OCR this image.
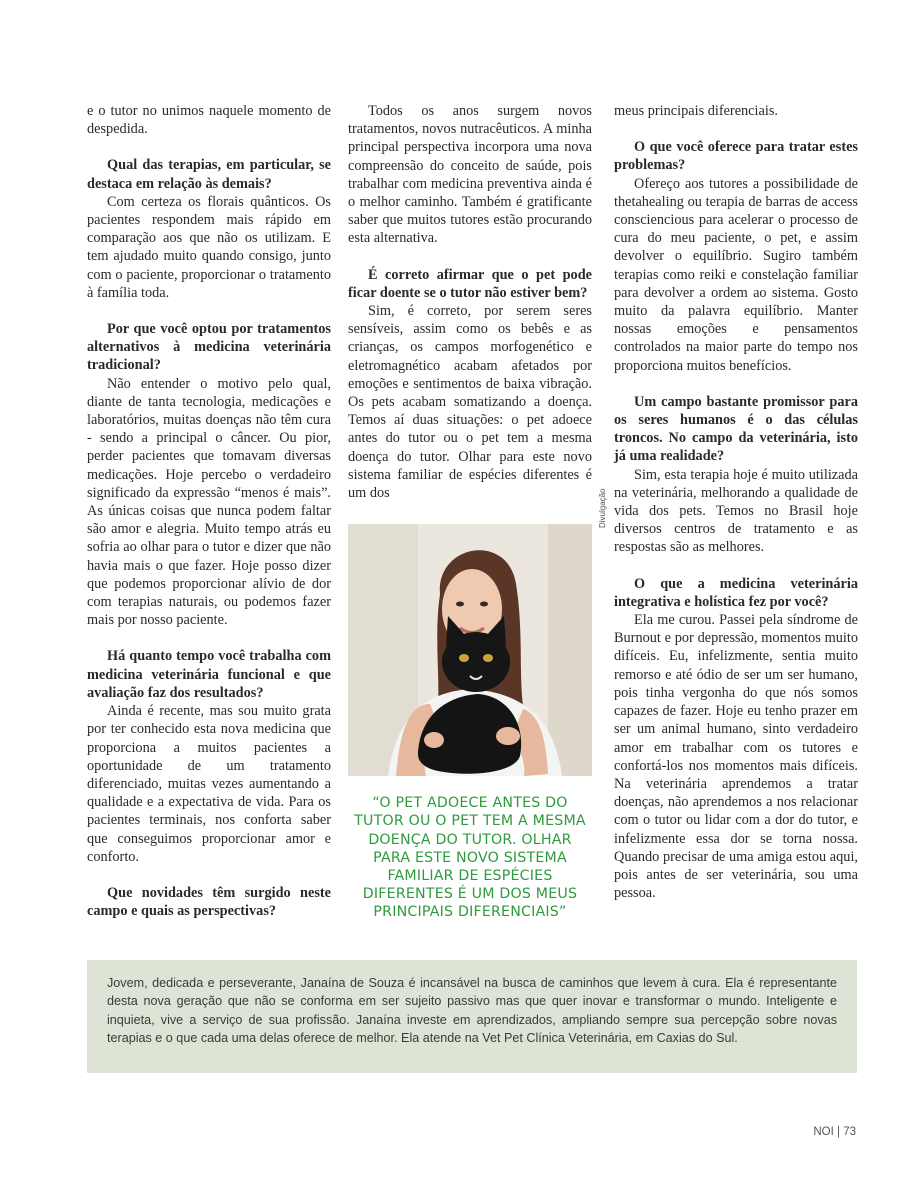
e o tutor no unimos naquele momento de despedida.

Qual das terapias, em particular, se destaca em relação às demais?

Com certeza os florais quânticos. Os pacientes respondem mais rápido em comparação aos que não os utilizam. E tem ajudado muito quando consigo, junto com o paciente, proporcionar o tratamento à família toda.

Por que você optou por tratamentos alternativos à medicina veterinária tradicional?

Não entender o motivo pelo qual, diante de tanta tecnologia, medicações e laboratórios, muitas doenças não têm cura - sendo a principal o câncer. Ou pior, perder pacientes que tomavam diversas medicações. Hoje percebo o verdadeiro significado da expressão “menos é mais”. As únicas coisas que nunca podem faltar são amor e alegria. Muito tempo atrás eu sofria ao olhar para o tutor e dizer que não havia mais o que fazer. Hoje posso dizer que podemos proporcionar alívio de dor com terapias naturais, ou podemos fazer mais por nosso paciente.

Há quanto tempo você trabalha com medicina veterinária funcional e que avaliação faz dos resultados?

Ainda é recente, mas sou muito grata por ter conhecido esta nova medicina que proporciona a muitos pacientes a oportunidade de um tratamento diferenciado, muitas vezes aumentando a qualidade e a expectativa de vida. Para os pacientes terminais, nos conforta saber que conseguimos proporcionar amor e conforto.

Que novidades têm surgido neste campo e quais as perspectivas?

Todos os anos surgem novos tratamentos, novos nutracêuticos. A minha principal perspectiva incorpora uma nova compreensão do conceito de saúde, pois trabalhar com medicina preventiva ainda é o melhor caminho. Também é gratificante saber que muitos tutores estão procurando esta alternativa.

É correto afirmar que o pet pode ficar doente se o tutor não estiver bem?

Sim, é correto, por serem seres sensíveis, assim como os bebês e as crianças, os campos morfogenético e eletromagnético acabam afetados por emoções e sentimentos de baixa vibração. Os pets acabam somatizando a doença. Temos aí duas situações: o pet adoece antes do tutor ou o pet tem a mesma doença do tutor. Olhar para este novo sistema familiar de espécies diferentes é um dos	Divulgação
“O PET ADOECE ANTES DO TUTOR OU O PET TEM A MESMA DOENÇA DO TUTOR. OLHAR PARA ESTE NOVO SISTEMA FAMILIAR DE ESPÉCIES DIFERENTES É UM DOS MEUS PRINCIPAIS DIFERENCIAIS”

meus principais diferenciais.

O que você oferece para tratar estes problemas?

Ofereço aos tutores a possibilidade de thetahealing ou terapia de barras de access consciencious para acelerar o processo de cura do meu paciente, o pet, e assim devolver o equilíbrio. Sugiro também terapias como reiki e constelação familiar para devolver a ordem ao sistema. Gosto muito da palavra equilíbrio. Manter nossas emoções e pensamentos controlados na maior parte do tempo nos proporciona muitos benefícios.

Um campo bastante promissor para os seres humanos é o das células troncos. No campo da veterinária, isto já uma realidade?

Sim, esta terapia hoje é muito utilizada na veterinária, melhorando a qualidade de vida dos pets. Temos no Brasil hoje diversos centros de tratamento e as respostas são as melhores.

O que a medicina veterinária integrativa e holística fez por você?

Ela me curou. Passei pela síndrome de Burnout e por depressão, momentos muito difíceis. Eu, infelizmente, sentia muito remorso e até ódio de ser um ser humano, pois tinha vergonha do que nós somos capazes de fazer. Hoje eu tenho prazer em ser um animal humano, sinto verdadeiro amor em trabalhar com os tutores e confortá-los nos momentos mais difíceis. Na veterinária aprendemos a tratar doenças, não aprendemos a nos relacionar com o tutor ou lidar com a dor do tutor, e infelizmente essa dor se torna nossa. Quando precisar de uma amiga estou aqui, pois antes de ser veterinária, sou uma pessoa.

Jovem, dedicada e perseverante, Janaína de Souza é incansável na busca de caminhos que levem à cura. Ela é representante desta nova geração que não se conforma em ser sujeito passivo mas que quer inovar e transformar o mundo. Inteligente e inquieta, vive a serviço de sua profissão. Janaína investe em aprendizados, ampliando sempre sua percepção sobre novas terapias e o que cada uma delas oferece de melhor. Ela atende na Vet Pet Clínica Veterinária, em Caxias do Sul.
NOI | 73
